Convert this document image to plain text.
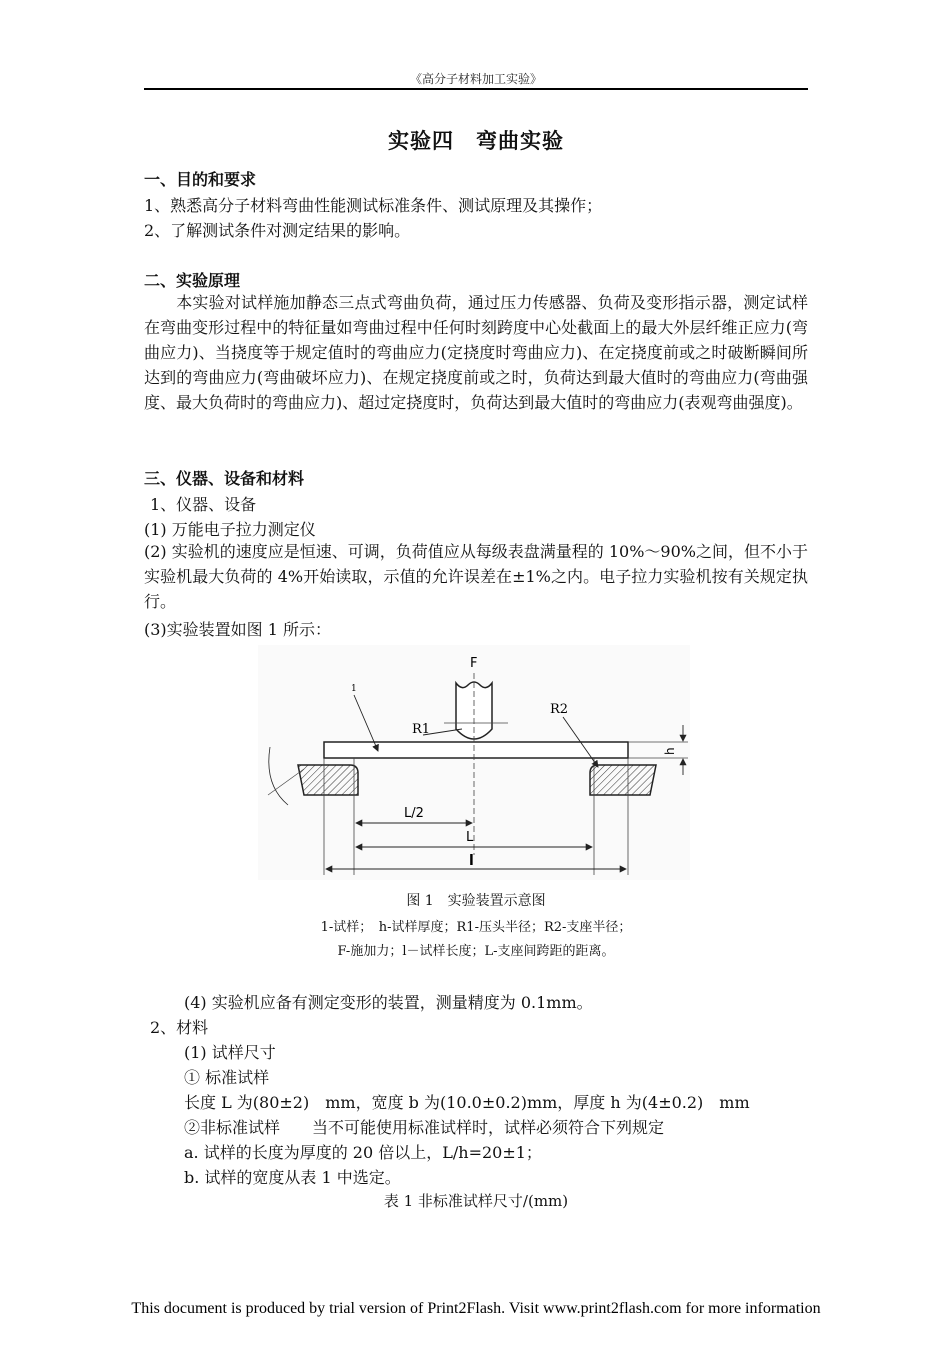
《高分子材料加工实验》
实验四　弯曲实验
一、目的和要求
1、熟悉高分子材料弯曲性能测试标准条件、测试原理及其操作；
2、了解测试条件对测定结果的影响。
二、实验原理
本实验对试样施加静态三点式弯曲负荷，通过压力传感器、负荷及变形指示器，测定试样在弯曲变形过程中的特征量如弯曲过程中任何时刻跨度中心处截面上的最大外层纤维正应力(弯曲应力)、当挠度等于规定值时的弯曲应力(定挠度时弯曲应力)、在定挠度前或之时破断瞬间所达到的弯曲应力(弯曲破坏应力)、在规定挠度前或之时，负荷达到最大值时的弯曲应力(弯曲强度、最大负荷时的弯曲应力)、超过定挠度时，负荷达到最大值时的弯曲应力(表观弯曲强度)。
三、仪器、设备和材料
1、仪器、设备
(1) 万能电子拉力测定仪
(2) 实验机的速度应是恒速、可调，负荷值应从每级表盘满量程的 10%～90%之间，但不小于实验机最大负荷的 4%开始读取，示值的允许误差在±1%之内。电子拉力实验机按有关规定执行。
(3)实验装置如图 1 所示：
F
1
R1
R2
h
L/2
L
l
图 1　实验装置示意图
1-试样；　h-试样厚度；R1-压头半径；R2-支座半径；
F-施加力；l－试样长度；L-支座间跨距的距离。
(4) 实验机应备有测定变形的装置，测量精度为 0.1mm。
2、材料
(1) 试样尺寸
① 标准试样
长度 L 为(80±2)　mm，宽度 b 为(10.0±0.2)mm，厚度 h 为(4±0.2)　mm
②非标准试样　　当不可能使用标准试样时，试样必须符合下列规定
a. 试样的长度为厚度的 20 倍以上，L/h=20±1；
b. 试样的宽度从表 1 中选定。
表 1 非标准试样尺寸/(mm)
This document is produced by trial version of Print2Flash. Visit www.print2flash.com for more information
